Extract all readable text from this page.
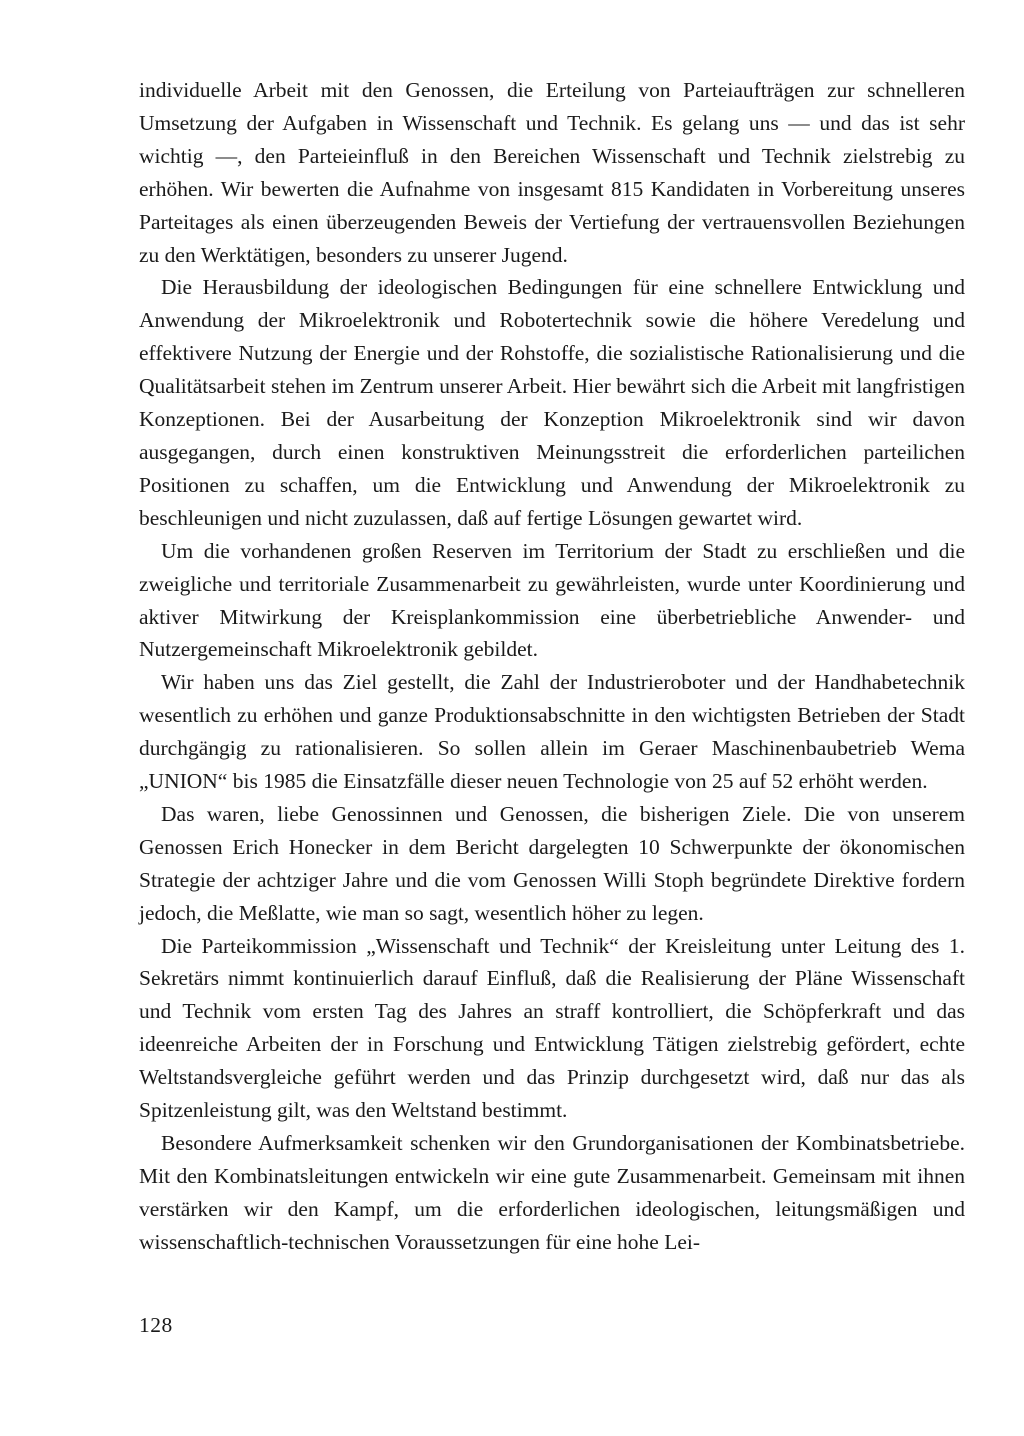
individuelle Arbeit mit den Genossen, die Erteilung von Parteiaufträgen zur schnelleren Umsetzung der Aufgaben in Wissenschaft und Technik. Es gelang uns — und das ist sehr wichtig —, den Parteieinfluß in den Bereichen Wissenschaft und Technik zielstrebig zu erhöhen. Wir bewerten die Aufnahme von insgesamt 815 Kandidaten in Vorbereitung unseres Parteitages als einen überzeugenden Beweis der Vertiefung der vertrauensvollen Beziehungen zu den Werktätigen, besonders zu unserer Jugend.

Die Herausbildung der ideologischen Bedingungen für eine schnellere Entwicklung und Anwendung der Mikroelektronik und Robotertechnik sowie die höhere Veredelung und effektivere Nutzung der Energie und der Rohstoffe, die sozialistische Rationalisierung und die Qualitätsarbeit stehen im Zentrum unserer Arbeit. Hier bewährt sich die Arbeit mit langfristigen Konzeptionen. Bei der Ausarbeitung der Konzeption Mikroelektronik sind wir davon ausgegangen, durch einen konstruktiven Meinungsstreit die erforderlichen parteilichen Positionen zu schaffen, um die Entwicklung und Anwendung der Mikroelektronik zu beschleunigen und nicht zuzulassen, daß auf fertige Lösungen gewartet wird.

Um die vorhandenen großen Reserven im Territorium der Stadt zu erschließen und die zweigliche und territoriale Zusammenarbeit zu gewährleisten, wurde unter Koordinierung und aktiver Mitwirkung der Kreisplankommission eine überbetriebliche Anwender- und Nutzergemeinschaft Mikroelektronik gebildet.

Wir haben uns das Ziel gestellt, die Zahl der Industrieroboter und der Handhabetechnik wesentlich zu erhöhen und ganze Produktionsabschnitte in den wichtigsten Betrieben der Stadt durchgängig zu rationalisieren. So sollen allein im Geraer Maschinenbaubetrieb Wema „UNION“ bis 1985 die Einsatzfälle dieser neuen Technologie von 25 auf 52 erhöht werden.

Das waren, liebe Genossinnen und Genossen, die bisherigen Ziele. Die von unserem Genossen Erich Honecker in dem Bericht dargelegten 10 Schwerpunkte der ökonomischen Strategie der achtziger Jahre und die vom Genossen Willi Stoph begründete Direktive fordern jedoch, die Meßlatte, wie man so sagt, wesentlich höher zu legen.

Die Parteikommission „Wissenschaft und Technik“ der Kreisleitung unter Leitung des 1. Sekretärs nimmt kontinuierlich darauf Einfluß, daß die Realisierung der Pläne Wissenschaft und Technik vom ersten Tag des Jahres an straff kontrolliert, die Schöpferkraft und das ideenreiche Arbeiten der in Forschung und Entwicklung Tätigen zielstrebig gefördert, echte Weltstandsvergleiche geführt werden und das Prinzip durchgesetzt wird, daß nur das als Spitzenleistung gilt, was den Weltstand bestimmt.

Besondere Aufmerksamkeit schenken wir den Grundorganisationen der Kombinatsbetriebe. Mit den Kombinatsleitungen entwickeln wir eine gute Zusammenarbeit. Gemeinsam mit ihnen verstärken wir den Kampf, um die erforderlichen ideologischen, leitungsmäßigen und wissenschaftlich-technischen Voraussetzungen für eine hohe Lei-

128
